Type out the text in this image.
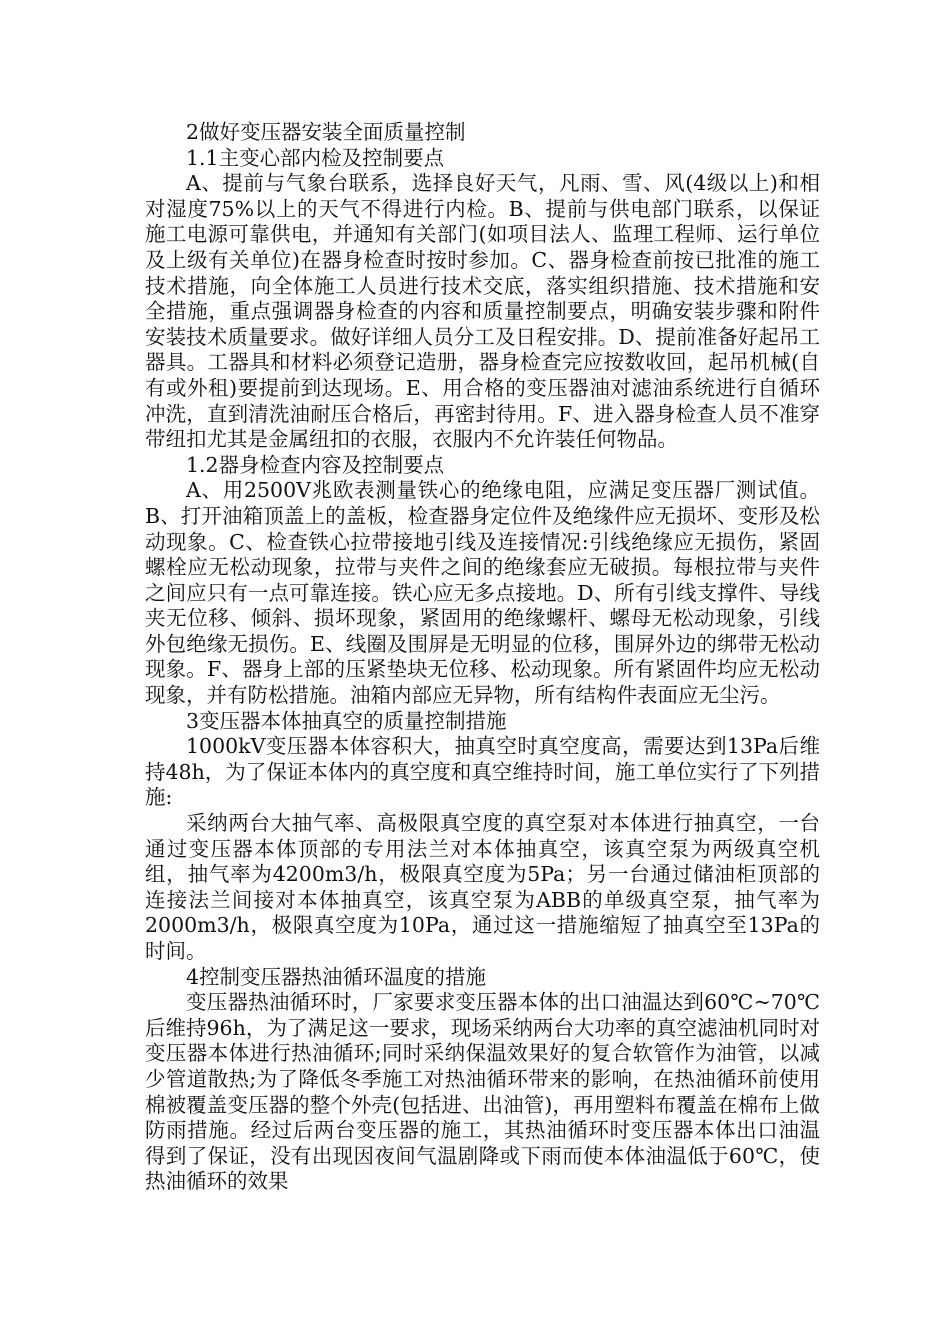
2做好变压器安装全面质量控制

1.1主变心部内检及控制要点

A、提前与气象台联系，选择良好天气，凡雨、雪、风(4级以上)和相对湿度75%以上的天气不得进行内检。B、提前与供电部门联系，以保证施工电源可靠供电，并通知有关部门(如项目法人、监理工程师、运行单位及上级有关单位)在器身检查时按时参加。C、器身检查前按已批准的施工技术措施，向全体施工人员进行技术交底，落实组织措施、技术措施和安全措施，重点强调器身检查的内容和质量控制要点，明确安装步骤和附件安装技术质量要求。做好详细人员分工及日程安排。D、提前准备好起吊工器具。工器具和材料必须登记造册，器身检查完应按数收回，起吊机械(自有或外租)要提前到达现场。E、用合格的变压器油对滤油系统进行自循环冲洗，直到清洗油耐压合格后，再密封待用。F、进入器身检查人员不准穿带纽扣尤其是金属纽扣的衣服，衣服内不允许装任何物品。

1.2器身检查内容及控制要点

A、用2500V兆欧表测量铁心的绝缘电阻，应满足变压器厂测试值。B、打开油箱顶盖上的盖板，检查器身定位件及绝缘件应无损坏、变形及松动现象。C、检查铁心拉带接地引线及连接情况:引线绝缘应无损伤，紧固螺栓应无松动现象，拉带与夹件之间的绝缘套应无破损。每根拉带与夹件之间应只有一点可靠连接。铁心应无多点接地。D、所有引线支撑件、导线夹无位移、倾斜、损坏现象，紧固用的绝缘螺杆、螺母无松动现象，引线外包绝缘无损伤。E、线圈及围屏是无明显的位移，围屏外边的绑带无松动现象。F、器身上部的压紧垫块无位移、松动现象。所有紧固件均应无松动现象，并有防松措施。油箱内部应无异物，所有结构件表面应无尘污。

3变压器本体抽真空的质量控制措施

1000kV变压器本体容积大，抽真空时真空度高，需要达到13Pa后维持48h，为了保证本体内的真空度和真空维持时间，施工单位实行了下列措施:

采纳两台大抽气率、高极限真空度的真空泵对本体进行抽真空，一台通过变压器本体顶部的专用法兰对本体抽真空，该真空泵为两级真空机组，抽气率为4200m3/h，极限真空度为5Pa；另一台通过储油柜顶部的连接法兰间接对本体抽真空，该真空泵为ABB的单级真空泵，抽气率为2000m3/h，极限真空度为10Pa，通过这一措施缩短了抽真空至13Pa的时间。

4控制变压器热油循环温度的措施

变压器热油循环时，厂家要求变压器本体的出口油温达到60℃~70℃后维持96h，为了满足这一要求，现场采纳两台大功率的真空滤油机同时对变压器本体进行热油循环;同时采纳保温效果好的复合软管作为油管，以减少管道散热;为了降低冬季施工对热油循环带来的影响，在热油循环前使用棉被覆盖变压器的整个外壳(包括进、出油管)，再用塑料布覆盖在棉布上做防雨措施。经过后两台变压器的施工，其热油循环时变压器本体出口油温得到了保证，没有出现因夜间气温剧降或下雨而使本体油温低于60℃，使热油循环的效果
